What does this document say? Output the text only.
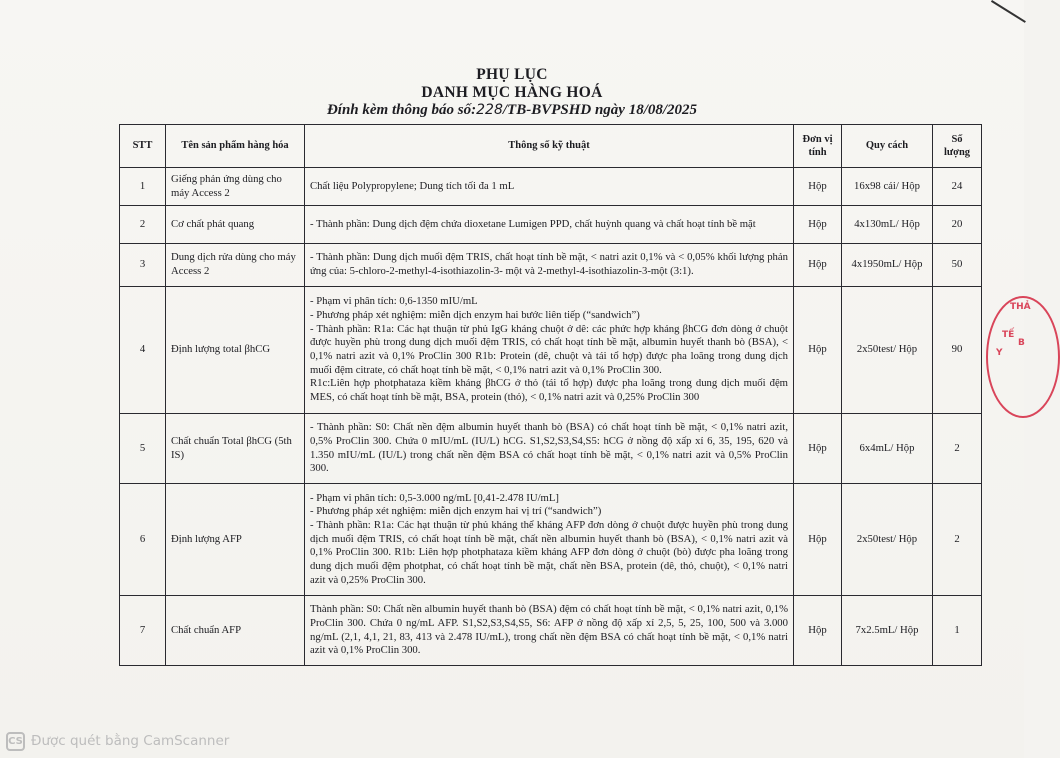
PHỤ LỤC
DANH MỤC HÀNG HOÁ
Đính kèm thông báo số:228/TB-BVPSHD ngày 18/08/2025
STT	Tên sản phẩm hàng hóa	Thông số kỹ thuật	Đơn vị tính	Quy cách	Số lượng
1	Giếng phản ứng dùng cho máy Access 2	Chất liệu Polypropylene; Dung tích tối đa 1 mL	Hộp	16x98 cái/ Hộp	24
2	Cơ chất phát quang	- Thành phần: Dung dịch đệm chứa dioxetane Lumigen PPD, chất huỳnh quang và chất hoạt tính bề mặt	Hộp	4x130mL/ Hộp	20
3	Dung dịch rửa dùng cho máy Access 2	- Thành phần: Dung dịch muối đệm TRIS, chất hoạt tính bề mặt, < natri azit 0,1% và < 0,05% khối lượng phản ứng của: 5-chloro-2-methyl-4-isothiazolin-3- một và 2-methyl-4-isothiazolin-3-một (3:1).	Hộp	4x1950mL/ Hộp	50
4	Định lượng total βhCG	- Phạm vi phân tích: 0,6-1350 mIU/mL
- Phương pháp xét nghiệm: miễn dịch enzym hai bước liên tiếp (“sandwich”)
- Thành phần: R1a: Các hạt thuận từ phủ IgG kháng chuột ở dê: các phức hợp kháng βhCG đơn dòng ở chuột được huyền phù trong dung dịch muối đệm TRIS, có chất hoạt tính bề mặt, albumin huyết thanh bò (BSA), < 0,1% natri azit và 0,1% ProClin 300 R1b: Protein (dê, chuột và tái tổ hợp) được pha loãng trong dung dịch muối đệm citrate, có chất hoạt tính bề mặt, < 0,1% natri azit và 0,1% ProClin 300.
R1c:Liên hợp photphataza kiềm kháng βhCG ở thỏ (tái tổ hợp) được pha loãng trong dung dịch muối đệm MES, có chất hoạt tính bề mặt, BSA, protein (thỏ), < 0,1% natri azit và 0,25% ProClin 300	Hộp	2x50test/ Hộp	90
5	Chất chuẩn Total βhCG (5th IS)	- Thành phần: S0: Chất nền đệm albumin huyết thanh bò (BSA) có chất hoạt tính bề mặt, < 0,1% natri azit, 0,5% ProClin 300. Chứa 0 mIU/mL (IU/L) hCG. S1,S2,S3,S4,S5: hCG ở nồng độ xấp xỉ 6, 35, 195, 620 và 1.350 mIU/mL (IU/L) trong chất nền đệm BSA có chất hoạt tính bề mặt, < 0,1% natri azit và 0,5% ProClin 300.	Hộp	6x4mL/ Hộp	2
6	Định lượng AFP	- Phạm vi phân tích: 0,5-3.000 ng/mL [0,41-2.478 IU/mL]
- Phương pháp xét nghiệm: miễn dịch enzym hai vị trí (“sandwich”)
- Thành phần: R1a: Các hạt thuận từ phủ kháng thể kháng AFP đơn dòng ở chuột được huyền phù trong dung dịch muối đệm TRIS, có chất hoạt tính bề mặt, chất nền albumin huyết thanh bò (BSA), < 0,1% natri azit và 0,1% ProClin 300. R1b: Liên hợp photphataza kiềm kháng AFP đơn dòng ở chuột (bò) được pha loãng trong dung dịch muối đệm photphat, có chất hoạt tính bề mặt, chất nền BSA, protein (dê, thỏ, chuột), < 0,1% natri azit và 0,25% ProClin 300.	Hộp	2x50test/ Hộp	2
7	Chất chuẩn AFP	Thành phần: S0: Chất nền albumin huyết thanh bò (BSA) đệm có chất hoạt tính bề mặt, < 0,1% natri azit, 0,1% ProClin 300. Chứa 0 ng/mL AFP. S1,S2,S3,S4,S5, S6: AFP ở nồng độ xấp xỉ 2,5, 5, 25, 100, 500 và 3.000 ng/mL (2,1, 4,1, 21, 83, 413 và 2.478 IU/mL), trong chất nền đệm BSA có chất hoạt tính bề mặt, < 0,1% natri azit và 0,1% ProClin 300.	Hộp	7x2.5mL/ Hộp	1
THẢ
Y
TẾ
B
CS Được quét bằng CamScanner
